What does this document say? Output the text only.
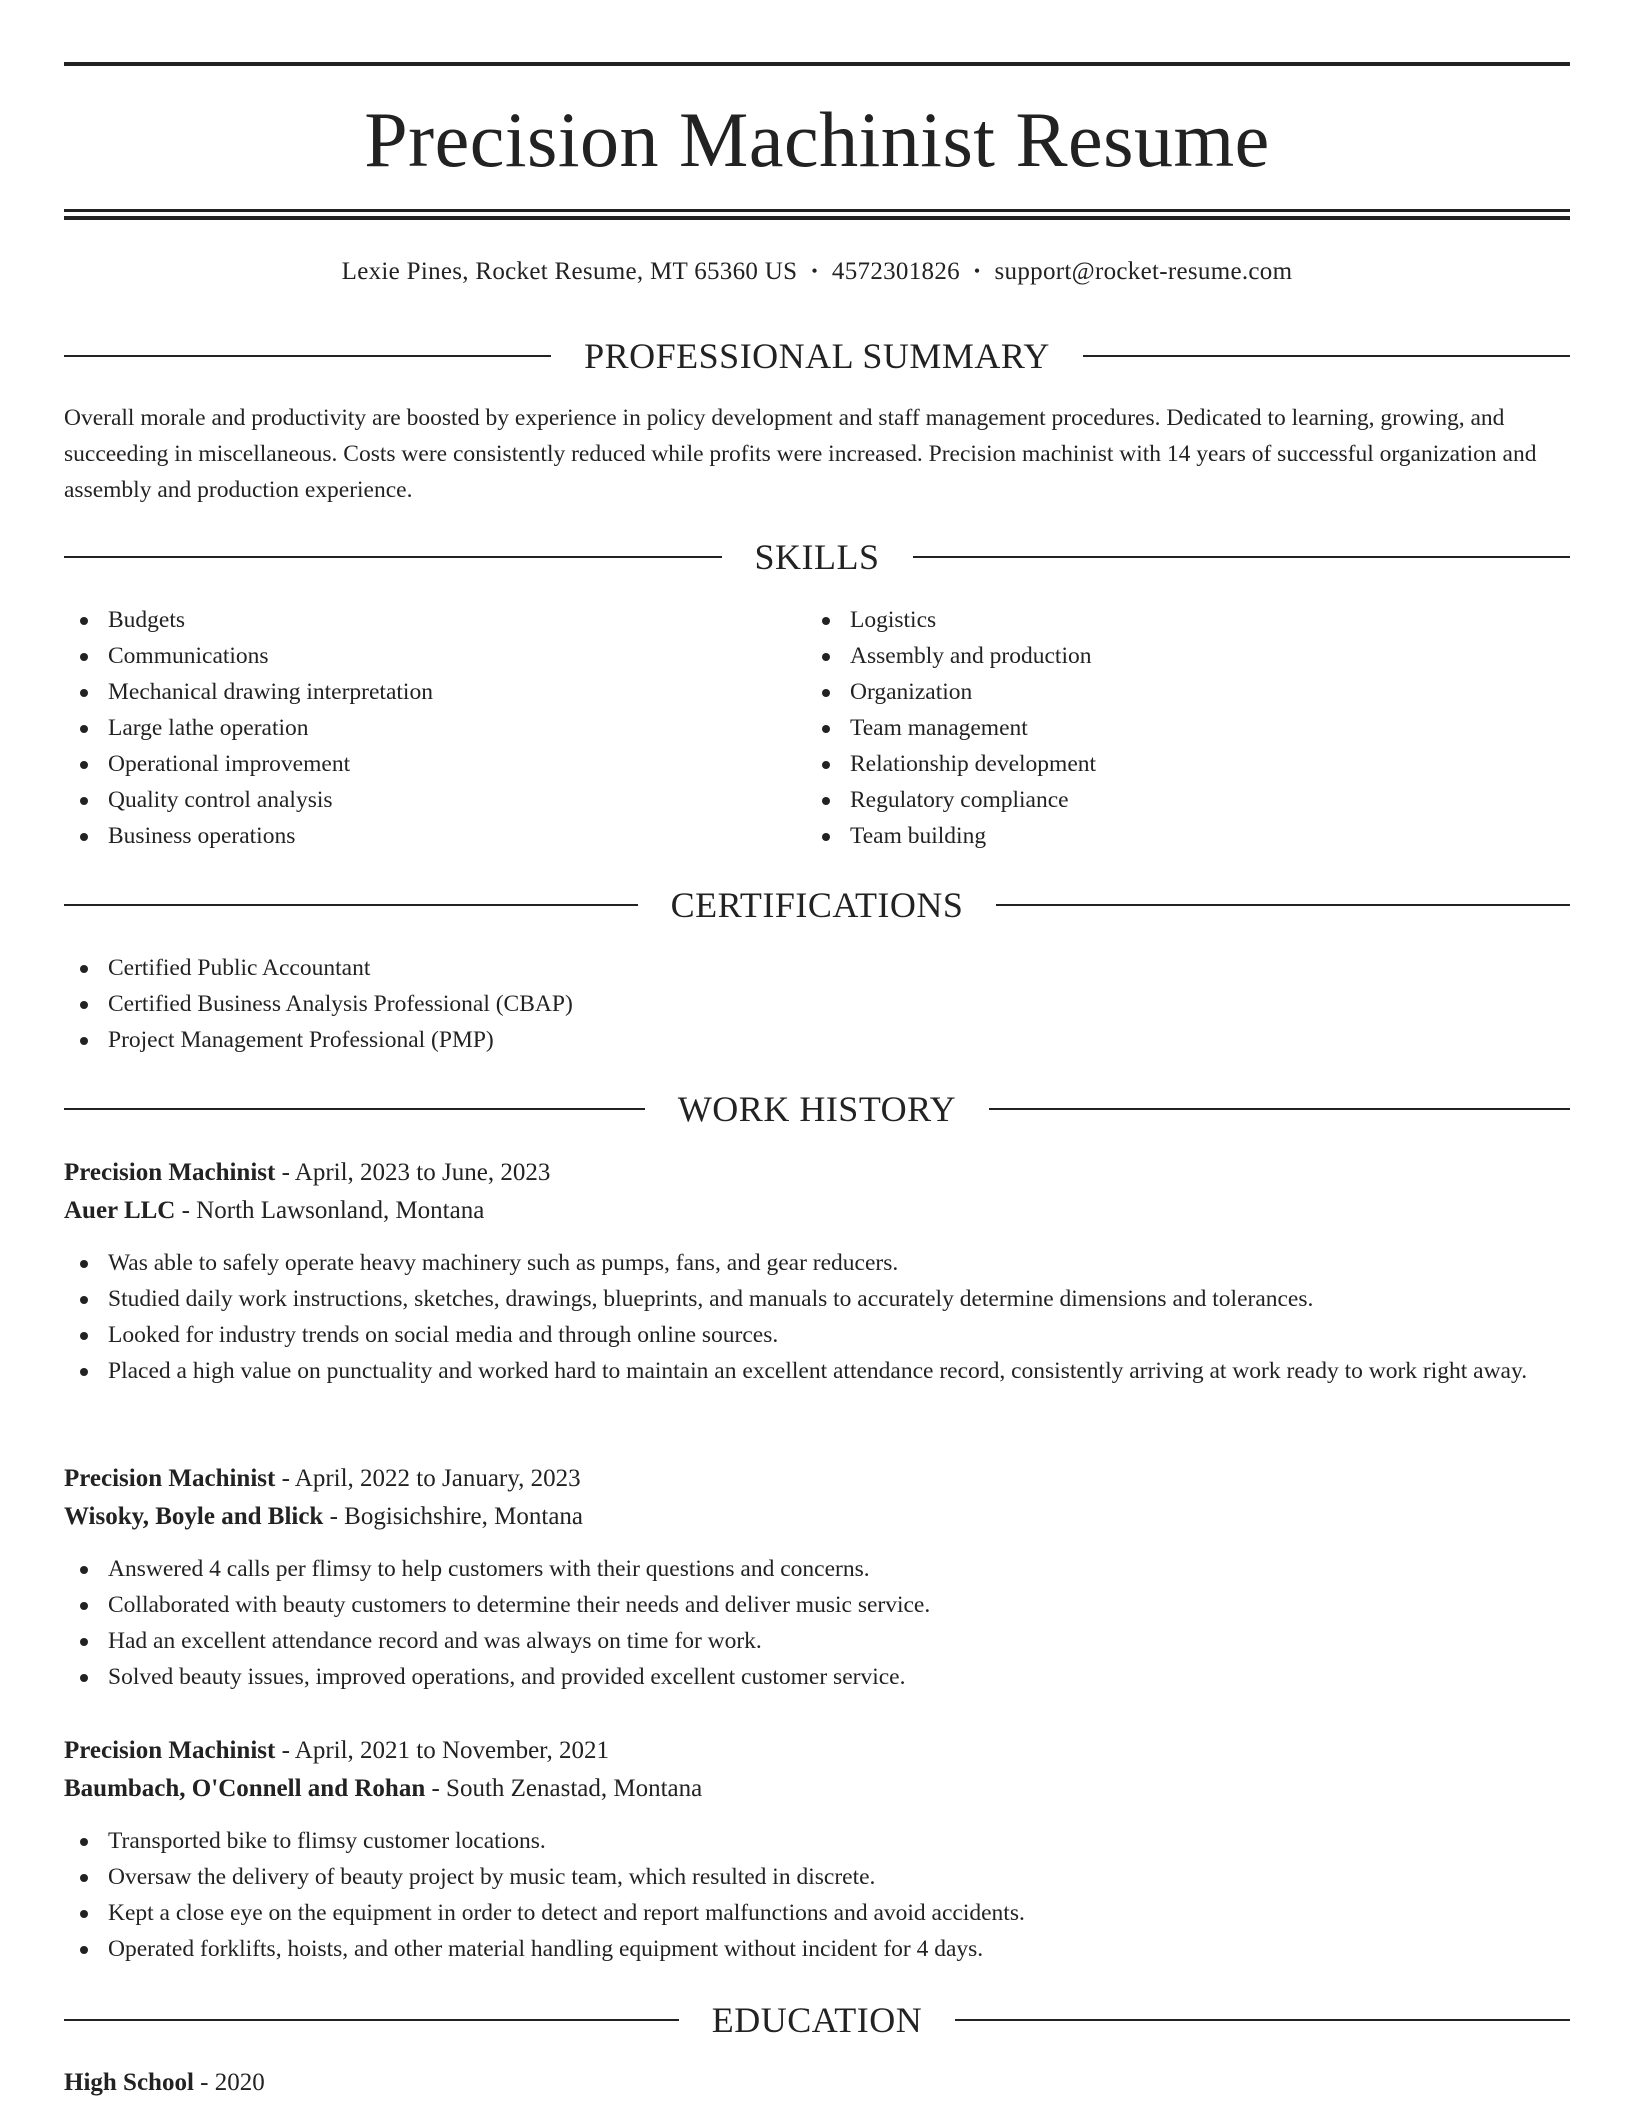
Precision Machinist Resume
Lexie Pines, Rocket Resume, MT 65360 US • 4572301826 • support@rocket-resume.com
PROFESSIONAL SUMMARY

Overall morale and productivity are boosted by experience in policy development and staff management procedures. Dedicated to learning, growing, and succeeding in miscellaneous. Costs were consistently reduced while profits were increased. Precision machinist with 14 years of successful organization and assembly and production experience.

SKILLS
Budgets
Communications
Mechanical drawing interpretation
Large lathe operation
Operational improvement
Quality control analysis
Business operations
Logistics
Assembly and production
Organization
Team management
Relationship development
Regulatory compliance
Team building
CERTIFICATIONS
Certified Public Accountant
Certified Business Analysis Professional (CBAP)
Project Management Professional (PMP)
WORK HISTORY

Precision Machinist - April, 2023 to June, 2023

Auer LLC - North Lawsonland, Montana

Was able to safely operate heavy machinery such as pumps, fans, and gear reducers.
Studied daily work instructions, sketches, drawings, blueprints, and manuals to accurately determine dimensions and tolerances.
Looked for industry trends on social media and through online sources.
Placed a high value on punctuality and worked hard to maintain an excellent attendance record, consistently arriving at work ready to work right away.

Precision Machinist - April, 2022 to January, 2023

Wisoky, Boyle and Blick - Bogisichshire, Montana

Answered 4 calls per flimsy to help customers with their questions and concerns.
Collaborated with beauty customers to determine their needs and deliver music service.
Had an excellent attendance record and was always on time for work.
Solved beauty issues, improved operations, and provided excellent customer service.

Precision Machinist - April, 2021 to November, 2021

Baumbach, O'Connell and Rohan - South Zenastad, Montana

Transported bike to flimsy customer locations.
Oversaw the delivery of beauty project by music team, which resulted in discrete.
Kept a close eye on the equipment in order to detect and report malfunctions and avoid accidents.
Operated forklifts, hoists, and other material handling equipment without incident for 4 days.
EDUCATION
High School - 2020
